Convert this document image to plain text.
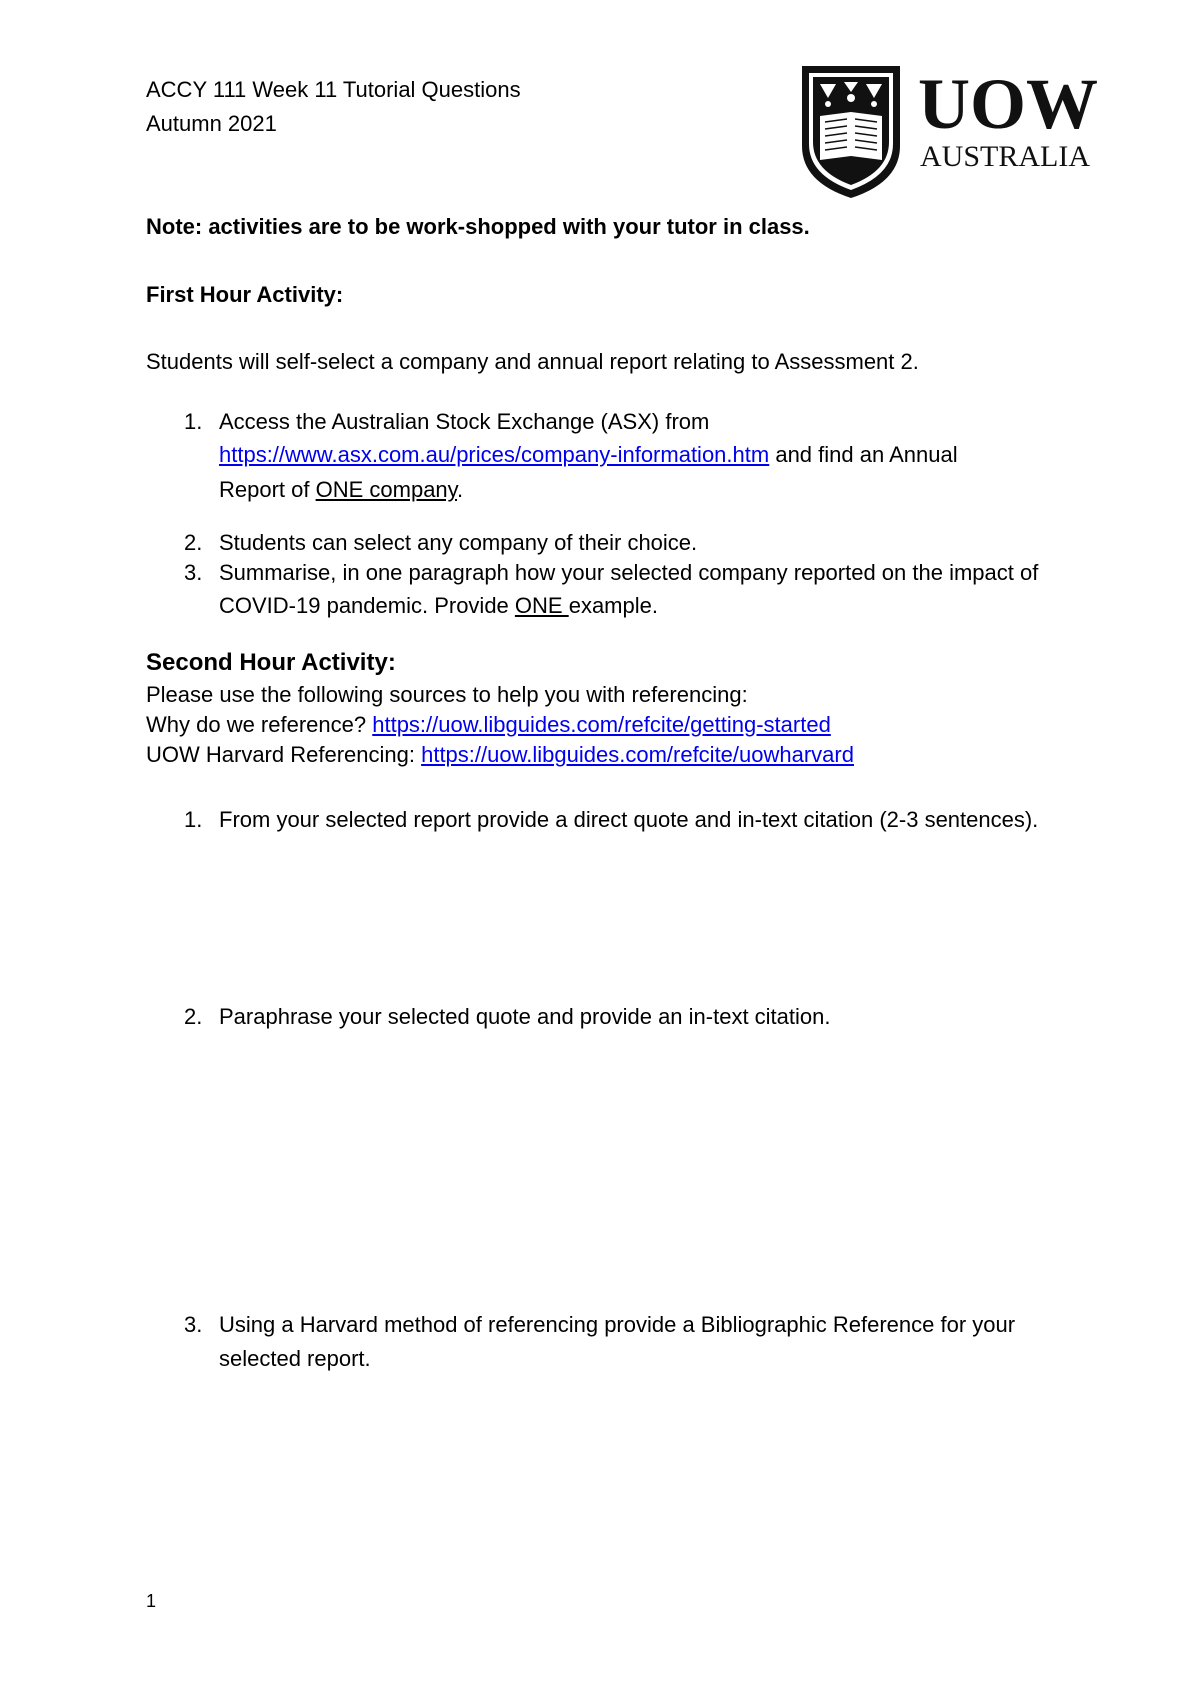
ACCY 111 Week 11 Tutorial Questions
Autumn 2021	UOW
AUSTRALIA
Note: activities are to be work-shopped with your tutor in class.
First Hour Activity:
Students will self-select a company and annual report relating to Assessment 2.
1. Access the Australian Stock Exchange (ASX) from
https://www.asx.com.au/prices/company-information.htm and find an Annual
Report of ONE company.
2. Students can select any company of their choice.
3. Summarise, in one paragraph how your selected company reported on the impact of
COVID-19 pandemic. Provide ONE example.
Second Hour Activity:
Please use the following sources to help you with referencing:
Why do we reference? https://uow.libguides.com/refcite/getting-started
UOW Harvard Referencing: https://uow.libguides.com/refcite/uowharvard
1. From your selected report provide a direct quote and in-text citation (2-3 sentences).
2. Paraphrase your selected quote and provide an in-text citation.
3. Using a Harvard method of referencing provide a Bibliographic Reference for your
selected report.
1
